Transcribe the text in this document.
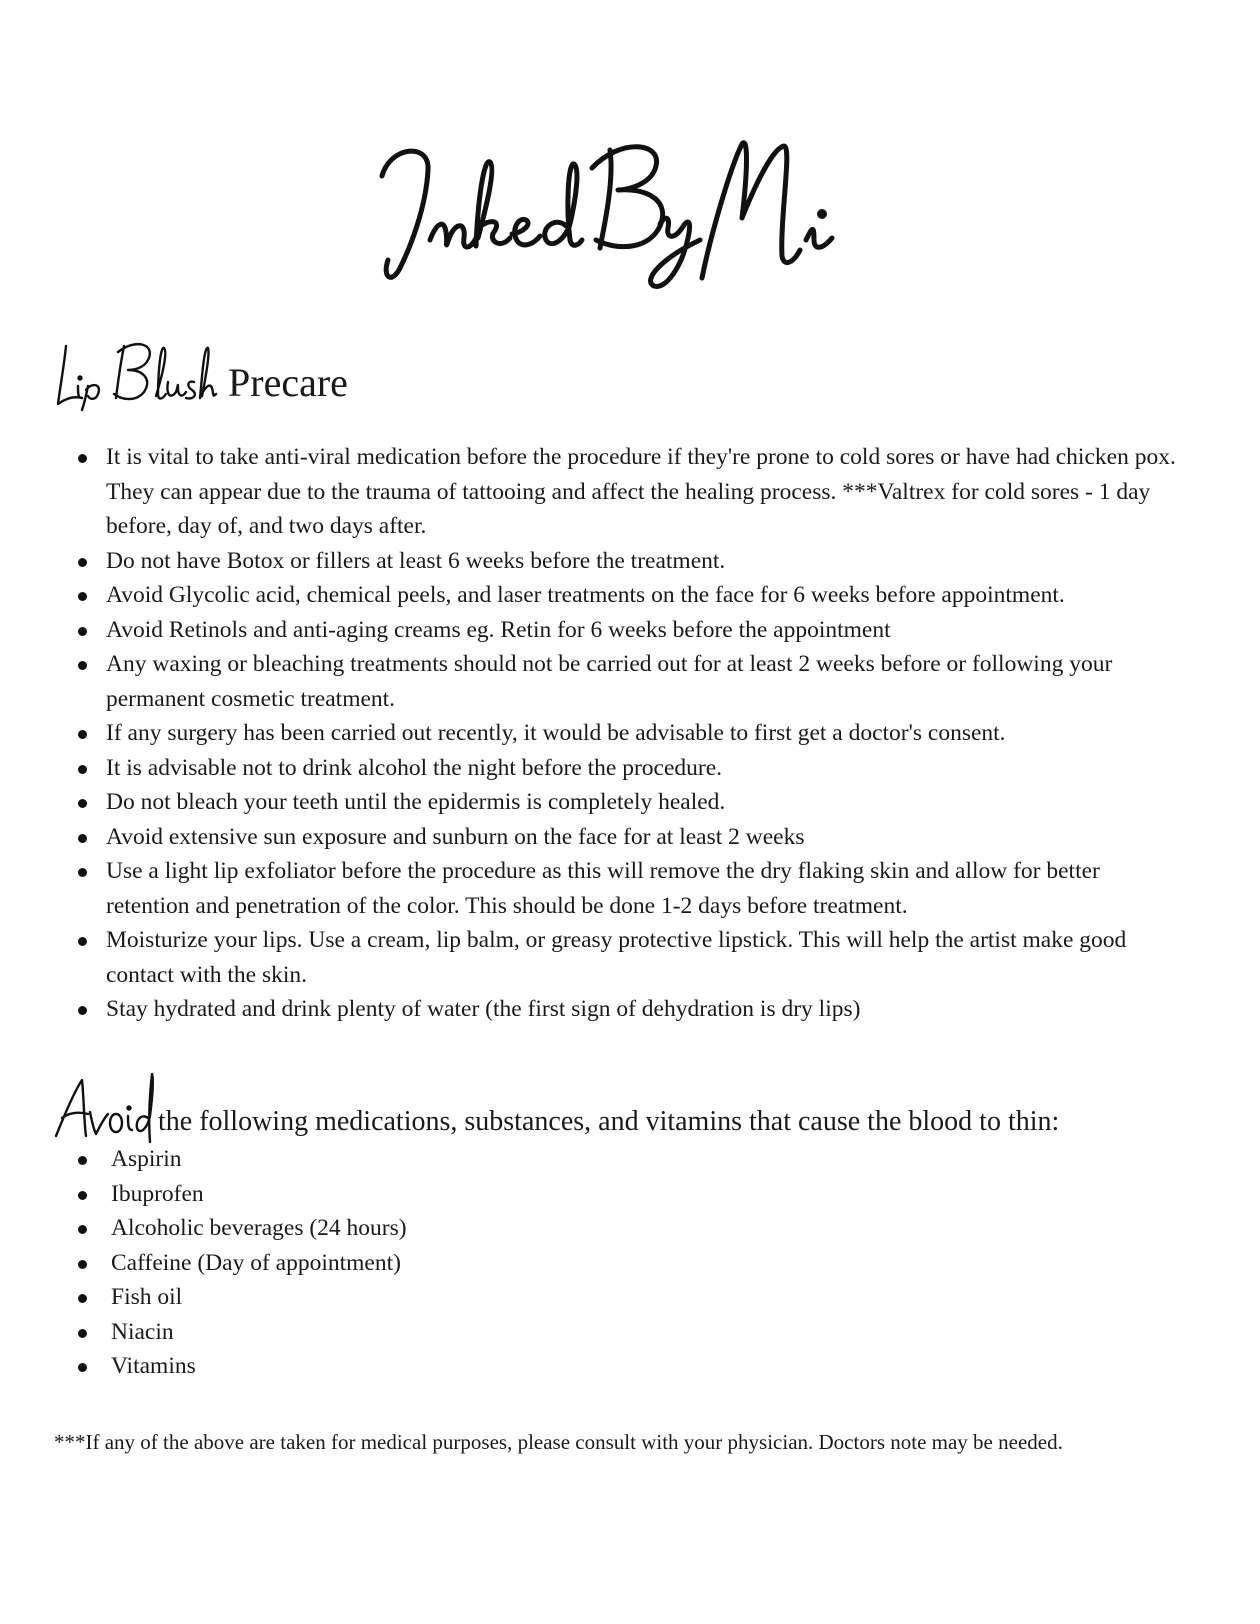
Precare
It is vital to take anti-viral medication before the procedure if they're prone to cold sores or have had chicken pox. They can appear due to the trauma of tattooing and affect the healing process. ***Valtrex for cold sores - 1 day before, day of, and two days after.
Do not have Botox or fillers at least 6 weeks before the treatment.
Avoid Glycolic acid, chemical peels, and laser treatments on the face for 6 weeks before appointment.
Avoid Retinols and anti-aging creams eg. Retin for 6 weeks before the appointment
Any waxing or bleaching treatments should not be carried out for at least 2 weeks before or following your permanent cosmetic treatment.
If any surgery has been carried out recently, it would be advisable to first get a doctor's consent.
It is advisable not to drink alcohol the night before the procedure.
Do not bleach your teeth until the epidermis is completely healed.
Avoid extensive sun exposure and sunburn on the face for at least 2 weeks
Use a light lip exfoliator before the procedure as this will remove the dry flaking skin and allow for better retention and penetration of the color. This should be done 1-2 days before treatment.
Moisturize your lips. Use a cream, lip balm, or greasy protective lipstick. This will help the artist make good contact with the skin.
Stay hydrated and drink plenty of water (the first sign of dehydration is dry lips)
the following medications, substances, and vitamins that cause the blood to thin:
Aspirin
Ibuprofen
Alcoholic beverages (24 hours)
Caffeine (Day of appointment)
Fish oil
Niacin
Vitamins

***If any of the above are taken for medical purposes, please consult with your physician. Doctors note may be needed.
